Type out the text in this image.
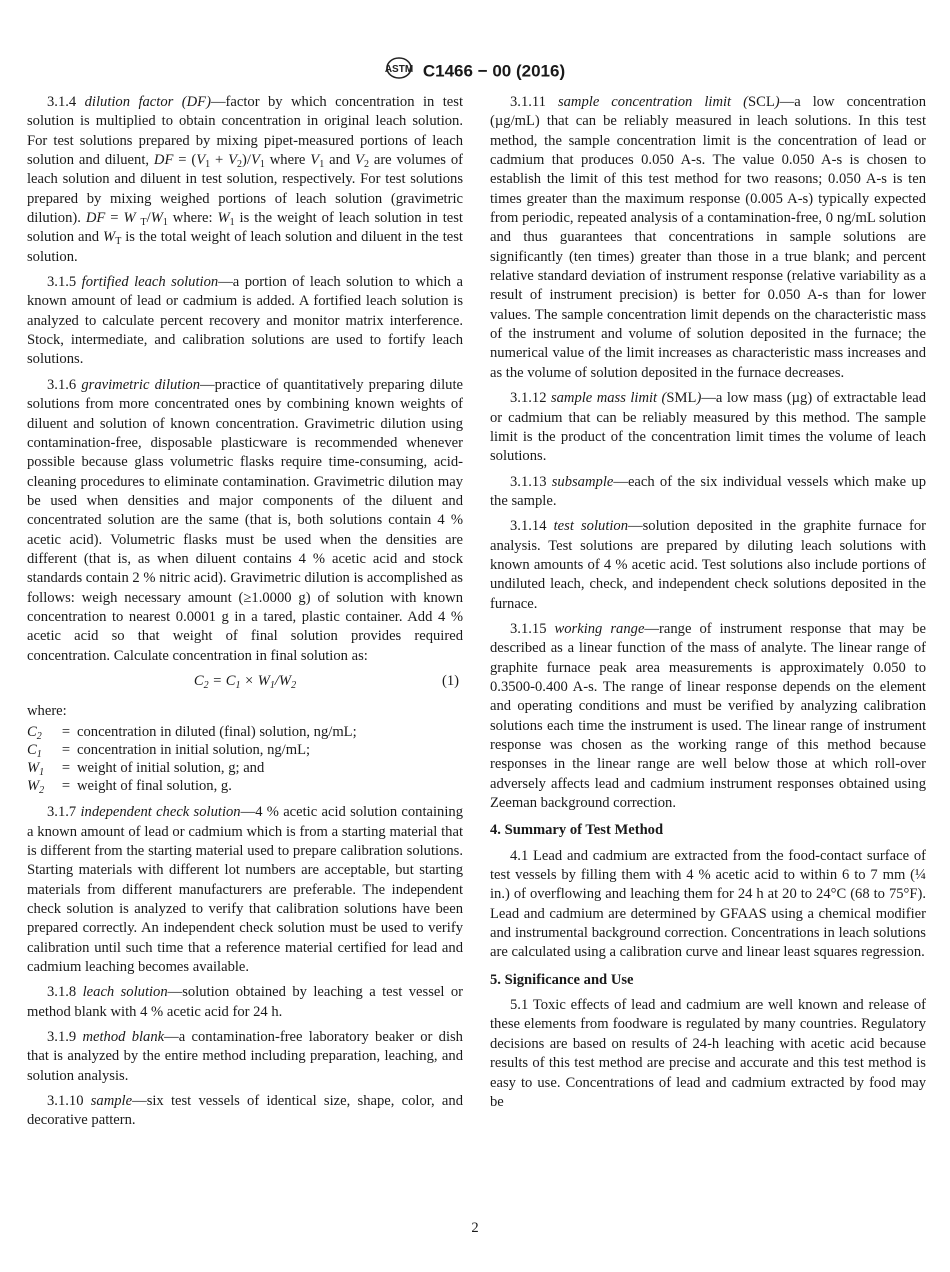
ASTM C1466 − 00 (2016)

3.1.4 dilution factor (DF)—factor by which concentration in test solution is multiplied to obtain concentration in original leach solution. For test solutions prepared by mixing pipet-measured portions of leach solution and diluent, DF = $(V_1 + V_2)/V_1$ where $V_1$ and $V_2$ are volumes of leach solution and diluent in test solution, respectively. For test solutions prepared by mixing weighed portions of leach solution (gravimetric dilution). DF = W $_T/W_1$ where: $W_1$ is the weight of leach solution in test solution and $W_T$ is the total weight of leach solution and diluent in the test solution.

3.1.5 fortified leach solution—a portion of leach solution to which a known amount of lead or cadmium is added. A fortified leach solution is analyzed to calculate percent recovery and monitor matrix interference. Stock, intermediate, and calibration solutions are used to fortify leach solutions.

3.1.6 gravimetric dilution—practice of quantitatively preparing dilute solutions from more concentrated ones by combining known weights of diluent and solution of known concentration. Gravimetric dilution using contamination-free, disposable plasticware is recommended whenever possible because glass volumetric flasks require time-consuming, acid-cleaning procedures to eliminate contamination. Gravimetric dilution may be used when densities and major components of the diluent and concentrated solution are the same (that is, both solutions contain 4 % acetic acid). Volumetric flasks must be used when the densities are different (that is, as when diluent contains 4 % acetic acid and stock standards contain 2 % nitric acid). Gravimetric dilution is accomplished as follows: weigh necessary amount (≥1.0000 g) of solution with known concentration to nearest 0.0001 g in a tared, plastic container. Add 4 % acetic acid so that weight of final solution provides required concentration. Calculate concentration in final solution as:

$C_2 = C_1 \times W_1/W_2$	(1)
where:
$C_2$	= concentration in diluted (final) solution, ng/mL;
$C_1$	= concentration in initial solution, ng/mL;
$W_1$	= weight of initial solution, g; and
$W_2$	= weight of final solution, g.

3.1.7 independent check solution—4 % acetic acid solution containing a known amount of lead or cadmium which is from a starting material that is different from the starting material used to prepare calibration solutions. Starting materials with different lot numbers are acceptable, but starting materials from different manufacturers are preferable. The independent check solution is analyzed to verify that calibration solutions have been prepared correctly. An independent check solution must be used to verify calibration until such time that a reference material certified for lead and cadmium leaching becomes available.

3.1.8 leach solution—solution obtained by leaching a test vessel or method blank with 4 % acetic acid for 24 h.

3.1.9 method blank—a contamination-free laboratory beaker or dish that is analyzed by the entire method including preparation, leaching, and solution analysis.

3.1.10 sample—six test vessels of identical size, shape, color, and decorative pattern.

3.1.11 sample concentration limit (SCL)—a low concentration (µg/mL) that can be reliably measured in leach solutions. In this test method, the sample concentration limit is the concentration of lead or cadmium that produces 0.050 A-s. The value 0.050 A-s is chosen to establish the limit of this test method for two reasons; 0.050 A-s is ten times greater than the maximum response (0.005 A-s) typically expected from periodic, repeated analysis of a contamination-free, 0 ng/mL solution and thus guarantees that concentrations in sample solutions are significantly (ten times) greater than those in a true blank; and percent relative standard deviation of instrument response (relative variability as a result of instrument precision) is better for 0.050 A-s than for lower values. The sample concentration limit depends on the characteristic mass of the instrument and volume of solution deposited in the furnace; the numerical value of the limit increases as characteristic mass increases and as the volume of solution deposited in the furnace decreases.

3.1.12 sample mass limit (SML)—a low mass (µg) of extractable lead or cadmium that can be reliably measured by this method. The sample limit is the product of the concentration limit times the volume of leach solutions.

3.1.13 subsample—each of the six individual vessels which make up the sample.

3.1.14 test solution—solution deposited in the graphite furnace for analysis. Test solutions are prepared by diluting leach solutions with known amounts of 4 % acetic acid. Test solutions also include portions of undiluted leach, check, and independent check solutions deposited in the furnace.

3.1.15 working range—range of instrument response that may be described as a linear function of the mass of analyte. The linear range of graphite furnace peak area measurements is approximately 0.050 to 0.3500-0.400 A-s. The range of linear response depends on the element and operating conditions and must be verified by analyzing calibration solutions each time the instrument is used. The linear range of instrument response was chosen as the working range of this method because responses in the linear range are well below those at which roll-over adversely affects lead and cadmium instrument responses obtained using Zeeman background correction.

4. Summary of Test Method

4.1 Lead and cadmium are extracted from the food-contact surface of test vessels by filling them with 4 % acetic acid to within 6 to 7 mm (¼ in.) of overflowing and leaching them for 24 h at 20 to 24°C (68 to 75°F). Lead and cadmium are determined by GFAAS using a chemical modifier and instrumental background correction. Concentrations in leach solutions are calculated using a calibration curve and linear least squares regression.

5. Significance and Use

5.1 Toxic effects of lead and cadmium are well known and release of these elements from foodware is regulated by many countries. Regulatory decisions are based on results of 24-h leaching with acetic acid because results of this test method are precise and accurate and this test method is easy to use. Concentrations of lead and cadmium extracted by food may be

2
